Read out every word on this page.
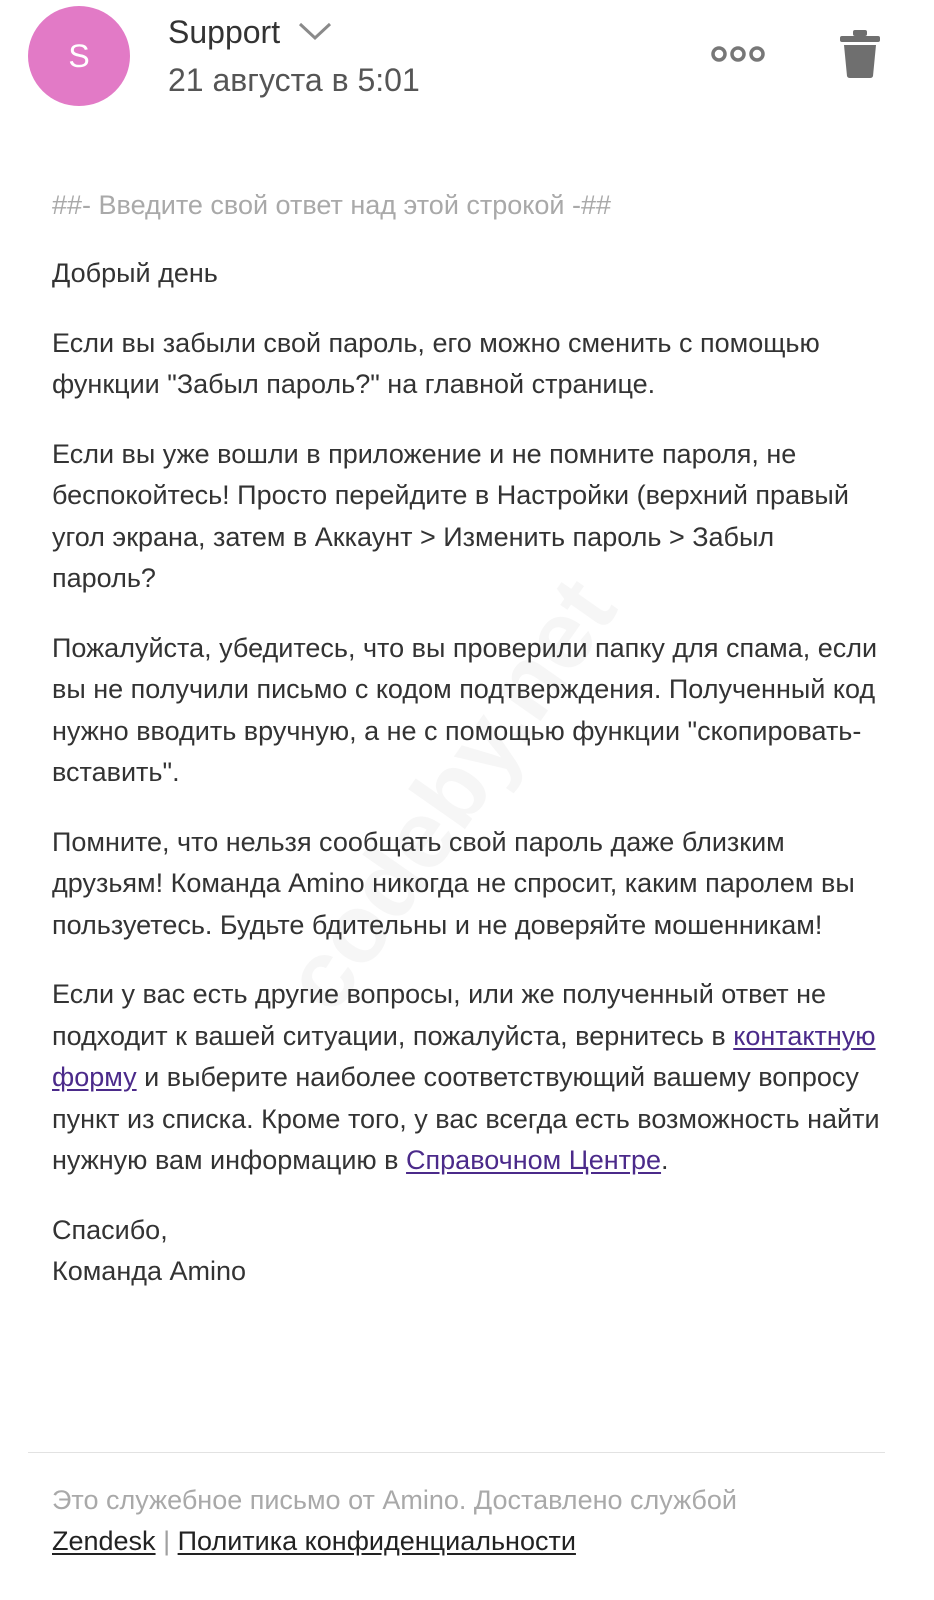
S
Support
21 августа в 5:01
##- Введите свой ответ над этой строкой -##

Добрый день

Если вы забыли свой пароль, его можно сменить с помощью функции "Забыл пароль?" на главной странице.

Если вы уже вошли в приложение и не помните пароля, не беспокойтесь! Просто перейдите в Настройки (верхний правый угол экрана, затем в Аккаунт > Изменить пароль > Забыл пароль?

Пожалуйста, убедитесь, что вы проверили папку для спама, если вы не получили письмо с кодом подтверждения. Полученный код нужно вводить вручную, а не с помощью функции "скопировать-вставить".

Помните, что нельзя сообщать свой пароль даже близким друзьям! Команда Amino никогда не спросит, каким паролем вы пользуетесь. Будьте бдительны и не доверяйте мошенникам!

Если у вас есть другие вопросы, или же полученный ответ не подходит к вашей ситуации, пожалуйста, вернитесь в контактную форму и выберите наиболее соответствующий вашему вопросу пункт из списка. Кроме того, у вас всегда есть возможность найти нужную вам информацию в Справочном Центре.

Спасибо,
Команда Amino

Это служебное письмо от Amino. Доставлено службой
Zendesk | Политика конфиденциальности
